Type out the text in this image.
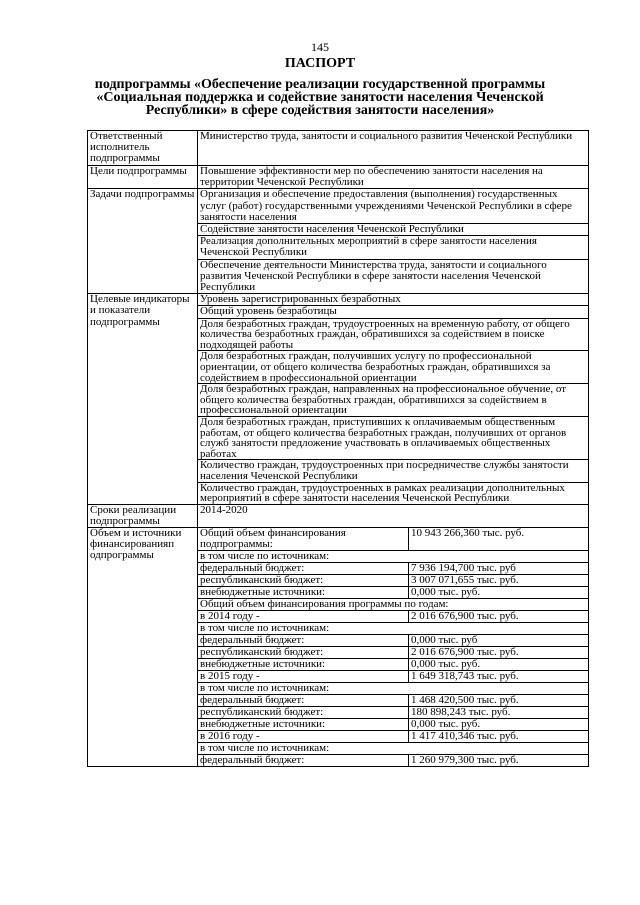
145
ПАСПОРТ
подпрограммы «Обеспечение реализации государственной программы «Социальная поддержка и содействие занятости населения Чеченской Республики» в сфере содействия занятости населения»
Ответственный исполнитель подпрограммы	Министерство труда, занятости и социального развития Чеченской Республики	
Цели подпрограммы	Повышение эффективности мер по обеспечению занятости населения на территории Чеченской Республики	
Задачи подпрограммы	Организация и обеспечение предоставления (выполнения) государственных услуг (работ) государственными учреждениями Чеченской Республики в сфере занятости населения	
	Содействие занятости населения Чеченской Республики	
	Реализация дополнительных мероприятий в сфере занятости населения Чеченской Республики	
	Обеспечение деятельности Министерства труда, занятости и социального развития Чеченской Республики в сфере занятости населения Чеченской Республики	
Целевые индикаторы и показатели подпрограммы	Уровень зарегистрированных безработных	
	Общий уровень безработицы	
	Доля безработных граждан, трудоустроенных на временную работу, от общего количества безработных граждан, обратившихся за содействием в поиске подходящей работы	
	Доля безработных граждан, получивших услугу по профессиональной ориентации, от общего количества безработных граждан, обратившихся за содействием в профессиональной ориентации	
	Доля безработных граждан, направленных на профессиональное обучение, от общего количества безработных граждан, обратившихся за содействием в профессиональной ориентации	
	Доля безработных граждан, приступивших к оплачиваемым общественным работам, от общего количества безработных граждан, получивших от органов служб занятости предложение участвовать в оплачиваемых общественных работах	
	Количество граждан, трудоустроенных при посредничестве службы занятости населения Чеченской Республики	
	Количество граждан, трудоустроенных в рамках реализации дополнительных мероприятий в сфере занятости населения Чеченской Республики	
Сроки реализации подпрограммы	2014-2020	
Объем и источники финансированияп одпрограммы	Общий объем финансирования подпрограммы:	10 943 266,360 тыс. руб.
	в том числе по источникам:	
	федеральный бюджет:	7 936 194,700 тыс. руб
	республиканский бюджет:	3 007 071,655 тыс. руб.
	внебюджетные источники:	0,000 тыс. руб.
	Общий объем финансирования программы по годам:	
	в 2014 году -	2 016 676,900 тыс. руб.
	в том числе по источникам:	
	федеральный бюджет:	0,000 тыс. руб
	республиканский бюджет:	2 016 676,900 тыс. руб.
	внебюджетные источники:	0,000 тыс. руб.
	в 2015 году -	1 649 318,743 тыс. руб.
	в том числе по источникам:	
	федеральный бюджет:	1 468 420,500 тыс. руб.
	республиканский бюджет:	180 898,243 тыс. руб.
	внебюджетные источники:	0,000 тыс. руб.
	в 2016 году -	1 417 410,346 тыс. руб.
	в том числе по источникам:	
	федеральный бюджет:	1 260 979,300 тыс. руб.
